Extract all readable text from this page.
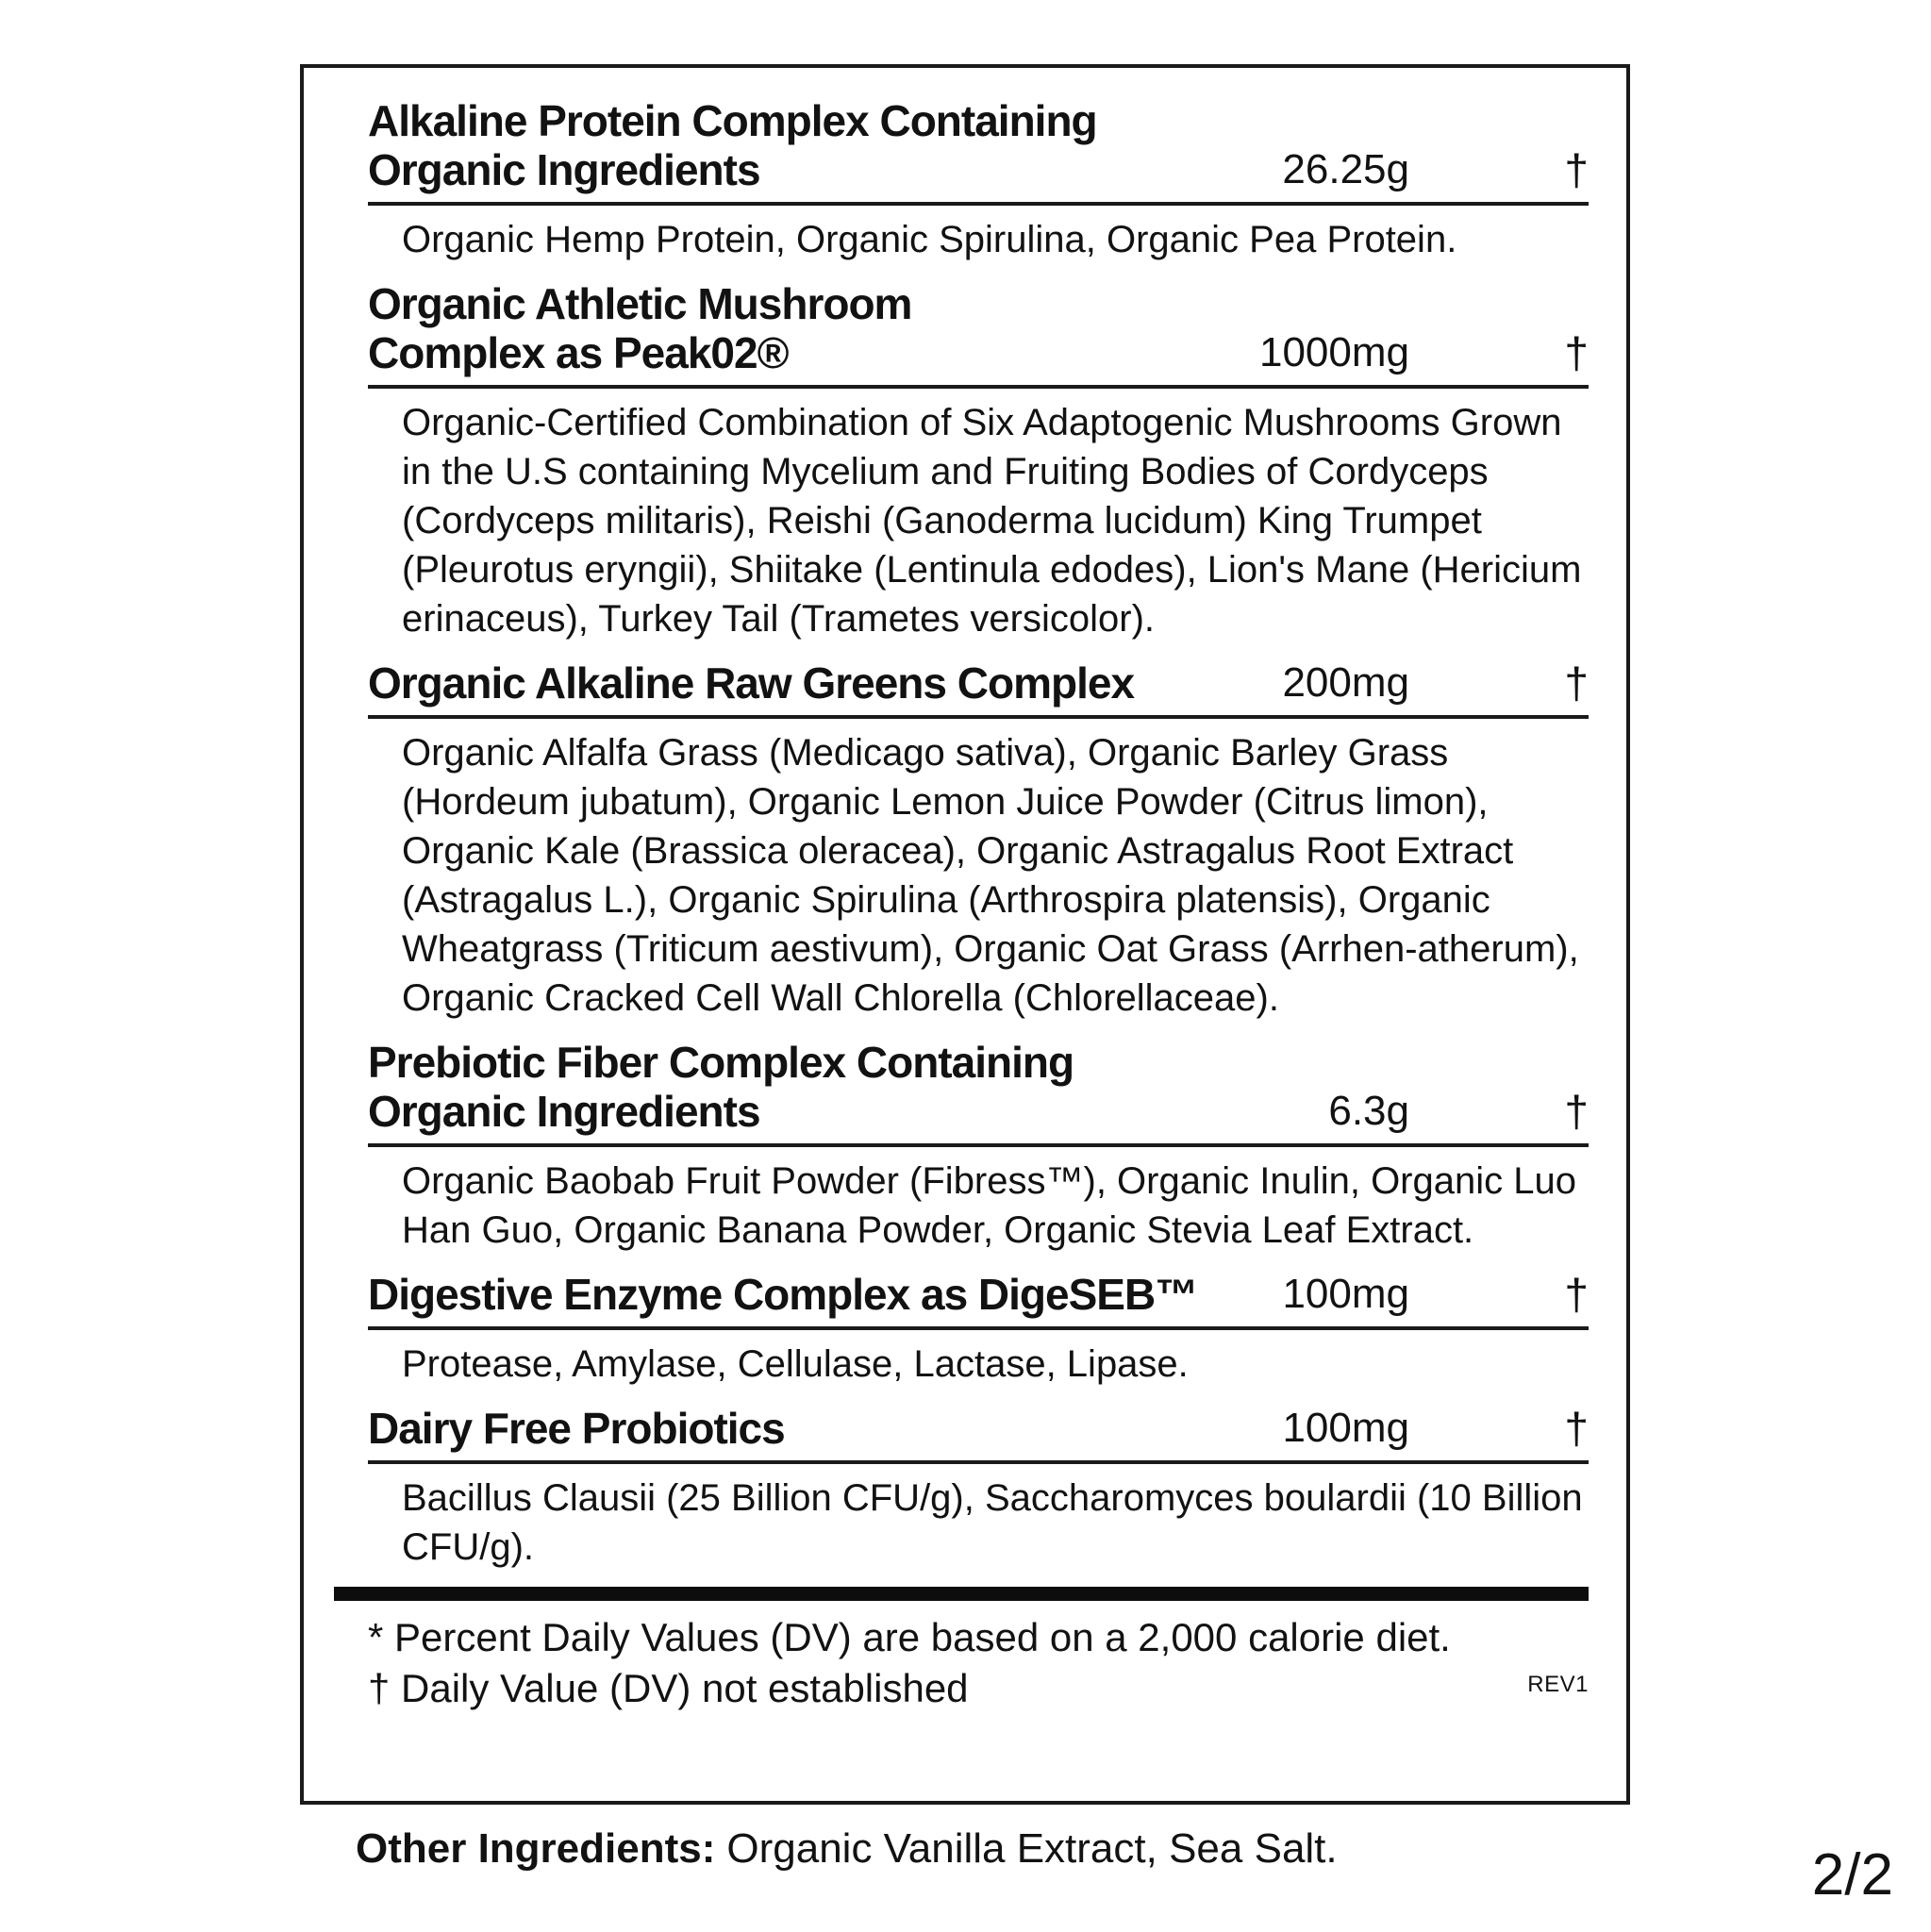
Alkaline Protein Complex Containing
Organic Ingredients	26.25g	†
Organic Hemp Protein, Organic Spirulina, Organic Pea Protein.
Organic Athletic Mushroom
Complex as Peak02®	1000mg	†
Organic-Certified Combination of Six Adaptogenic Mushrooms Grown in the U.S containing Mycelium and Fruiting Bodies of Cordyceps (Cordyceps militaris), Reishi (Ganoderma lucidum) King Trumpet (Pleurotus eryngii), Shiitake (Lentinula edodes), Lion's Mane (Hericium erinaceus), Turkey Tail (Trametes versicolor).
Organic Alkaline Raw Greens Complex	200mg	†
Organic Alfalfa Grass (Medicago sativa), Organic Barley Grass (Hordeum jubatum), Organic Lemon Juice Powder (Citrus limon), Organic Kale (Brassica oleracea), Organic Astragalus Root Extract (Astragalus L.), Organic Spirulina (Arthrospira platensis), Organic Wheatgrass (Triticum aestivum), Organic Oat Grass (Arrhen-atherum), Organic Cracked Cell Wall Chlorella (Chlorellaceae).
Prebiotic Fiber Complex Containing
Organic Ingredients	6.3g	†
Organic Baobab Fruit Powder (Fibress™), Organic Inulin, Organic Luo Han Guo, Organic Banana Powder, Organic Stevia Leaf Extract.
Digestive Enzyme Complex as DigeSEB™	100mg	†
Protease, Amylase, Cellulase, Lactase, Lipase.
Dairy Free Probiotics	100mg	†
Bacillus Clausii (25 Billion CFU/g), Saccharomyces boulardii (10 Billion CFU/g).
* Percent Daily Values (DV) are based on a 2,000 calorie diet.
† Daily Value (DV) not established	REV1
Other Ingredients: Organic Vanilla Extract, Sea Salt.	2/2
